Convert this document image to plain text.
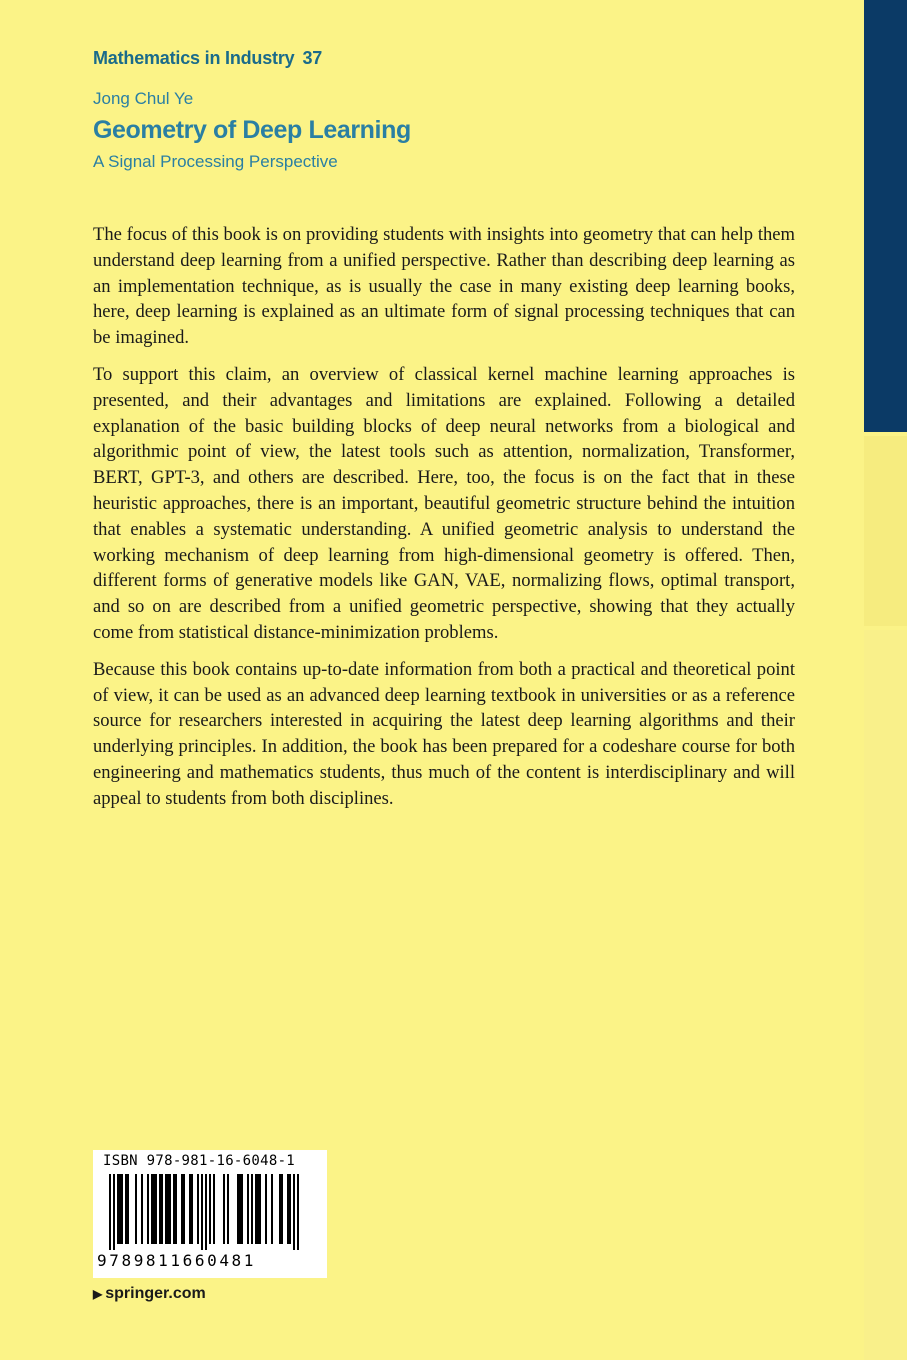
Mathematics in Industry 37
Jong Chul Ye
Geometry of Deep Learning
A Signal Processing Perspective

The focus of this book is on providing students with insights into geometry that can help them understand deep learning from a unified perspective. Rather than describing deep learning as an implementation technique, as is usually the case in many existing deep learning books, here, deep learning is explained as an ultimate form of signal processing techniques that can be imagined.

To support this claim, an overview of classical kernel machine learning approaches is presented, and their advantages and limitations are explained. Following a detailed explanation of the basic building blocks of deep neural networks from a biological and algorithmic point of view, the latest tools such as attention, normalization, Transformer, BERT, GPT-3, and others are described. Here, too, the focus is on the fact that in these heuristic approaches, there is an important, beautiful geometric structure behind the intuition that enables a systematic understanding. A unified geometric analysis to understand the working mechanism of deep learning from high-dimensional geometry is offered. Then, different forms of generative models like GAN, VAE, normalizing flows, optimal transport, and so on are described from a unified geometric perspective, showing that they actually come from statistical distance-minimization problems.

Because this book contains up-to-date information from both a practical and theoretical point of view, it can be used as an advanced deep learning textbook in universities or as a reference source for researchers interested in acquiring the latest deep learning algorithms and their underlying principles. In addition, the book has been prepared for a codeshare course for both engineering and mathematics students, thus much of the content is interdisciplinary and will appeal to students from both disciplines.

ISBN 978-981-16-6048-1
9789811660481
▶ springer.com
